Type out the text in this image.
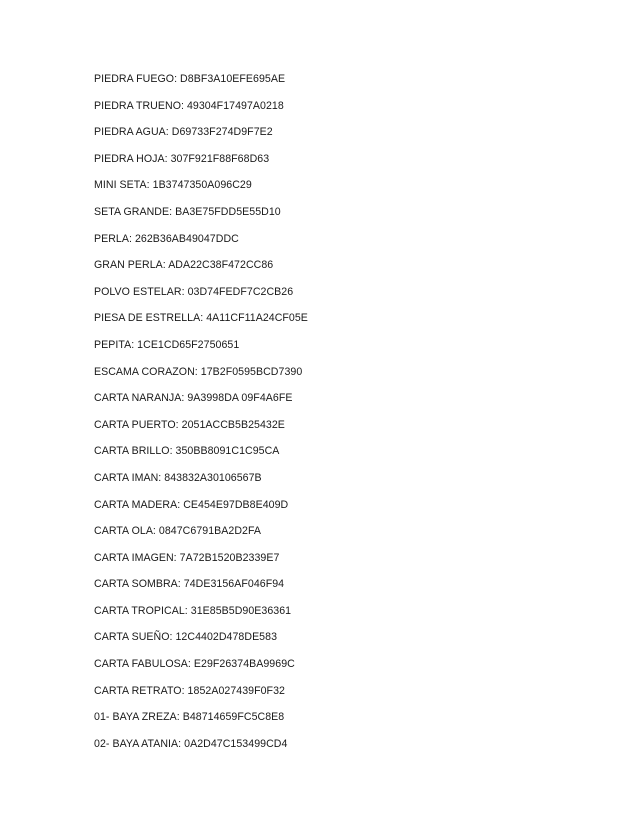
PIEDRA FUEGO: D8BF3A10EFE695AE
PIEDRA TRUENO: 49304F17497A0218
PIEDRA AGUA: D69733F274D9F7E2
PIEDRA HOJA: 307F921F88F68D63
MINI SETA: 1B3747350A096C29
SETA GRANDE: BA3E75FDD5E55D10
PERLA: 262B36AB49047DDC
GRAN PERLA: ADA22C38F472CC86
POLVO ESTELAR: 03D74FEDF7C2CB26
PIESA DE ESTRELLA: 4A11CF11A24CF05E
PEPITA: 1CE1CD65F2750651
ESCAMA CORAZON: 17B2F0595BCD7390
CARTA NARANJA: 9A3998DA 09F4A6FE
CARTA PUERTO: 2051ACCB5B25432E
CARTA BRILLO: 350BB8091C1C95CA
CARTA IMAN: 843832A30106567B
CARTA MADERA: CE454E97DB8E409D
CARTA OLA: 0847C6791BA2D2FA
CARTA IMAGEN: 7A72B1520B2339E7
CARTA SOMBRA: 74DE3156AF046F94
CARTA TROPICAL: 31E85B5D90E36361
CARTA SUEÑO: 12C4402D478DE583
CARTA FABULOSA: E29F26374BA9969C
CARTA RETRATO: 1852A027439F0F32
01- BAYA ZREZA: B48714659FC5C8E8
02- BAYA ATANIA: 0A2D47C153499CD4
